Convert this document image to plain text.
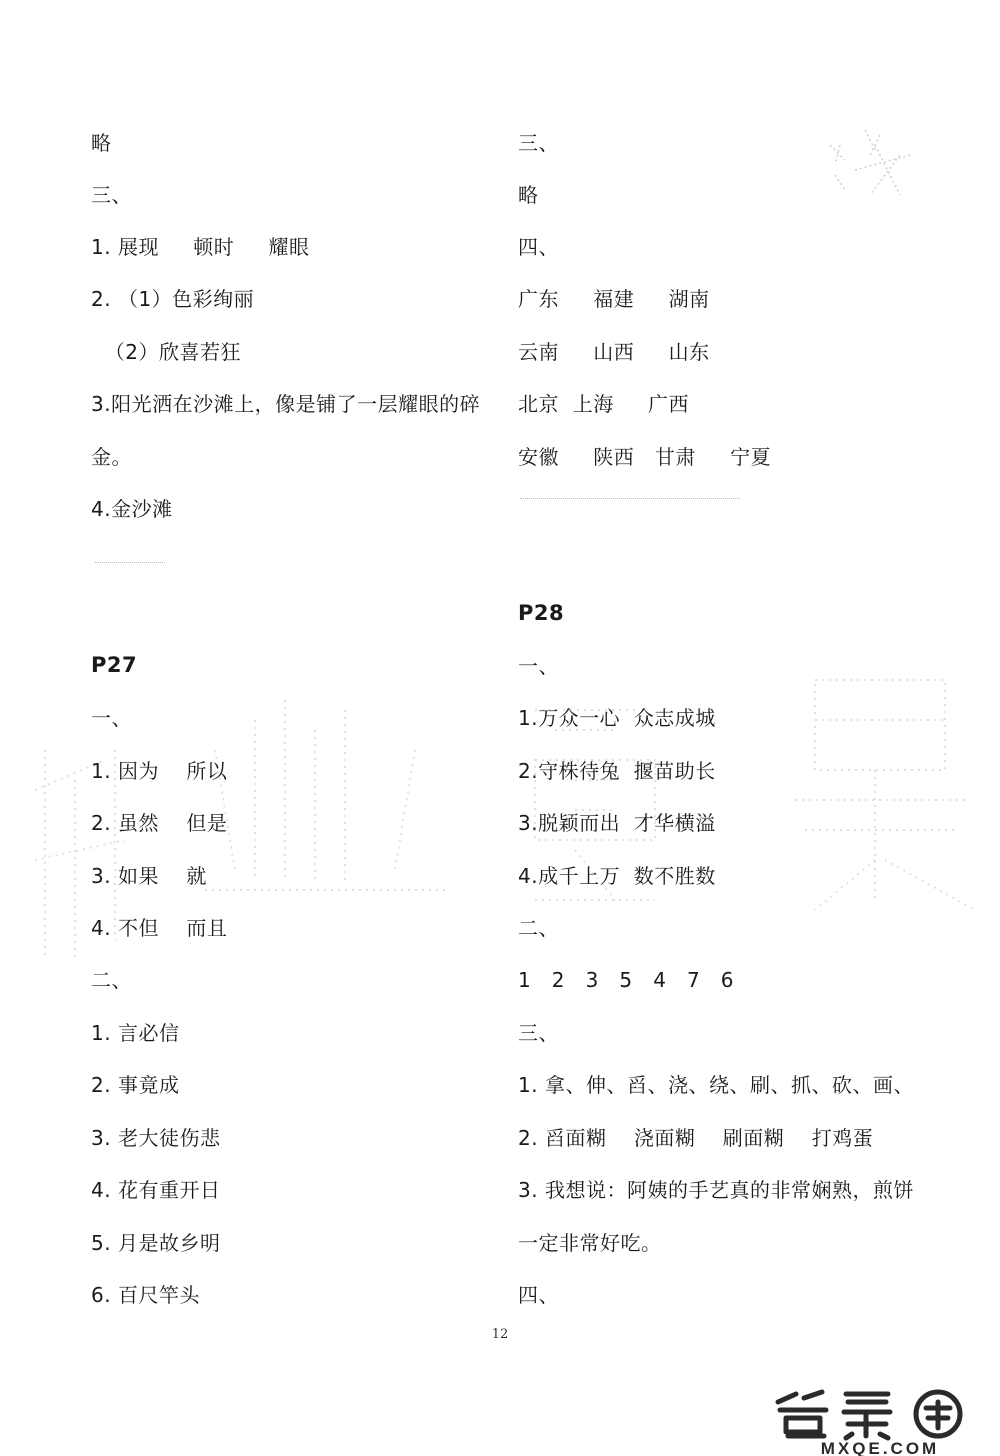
略
三、
1. 展现     顿时     耀眼
2. （1）色彩绚丽
（2）欣喜若狂
3.阳光洒在沙滩上，像是铺了一层耀眼的碎
金。
4.金沙滩
P27
一、
1. 因为    所以
2. 虽然    但是
3. 如果    就
4. 不但    而且
二、
1. 言必信
2. 事竟成
3. 老大徒伤悲
4. 花有重开日
5. 月是故乡明
6. 百尺竿头
三、
略
四、
广东     福建     湖南
云南     山西     山东
北京  上海     广西
安徽     陕西   甘肃     宁夏
P28
一、
1.万众一心  众志成城
2.守株待兔  揠苗助长
3.脱颖而出  才华横溢
4.成千上万  数不胜数
二、
1   2   3   5   4   7   6
三、
1. 拿、伸、舀、浇、绕、刷、抓、砍、画、
2. 舀面糊    浇面糊    刷面糊    打鸡蛋
3. 我想说：阿姨的手艺真的非常娴熟，煎饼
一定非常好吃。
四、
12
MXQE.COM
